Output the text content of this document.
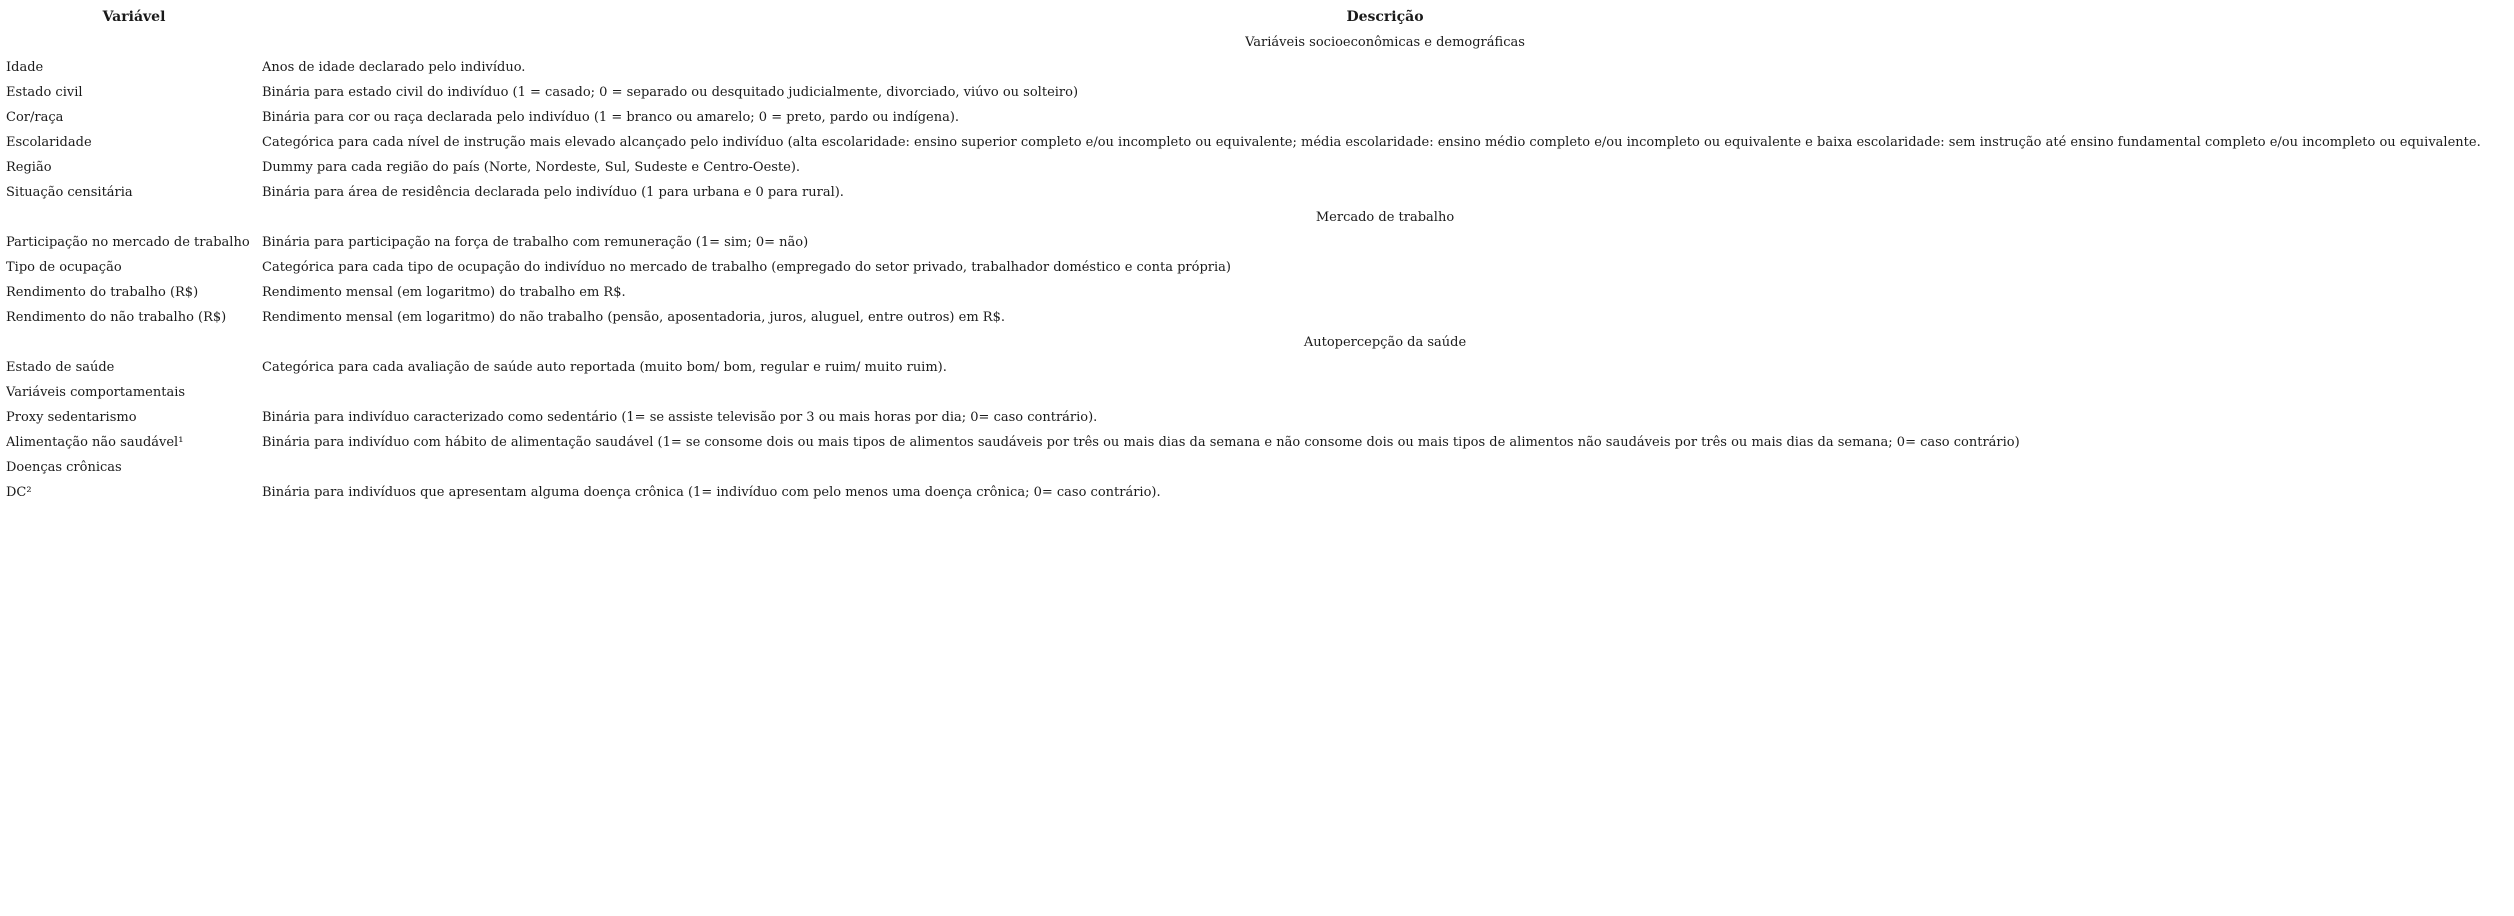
Variável	Descrição
	Variáveis socioeconômicas e demográficas
Idade	Anos de idade declarado pelo indivíduo.
Estado civil	Binária para estado civil do indivíduo (1 = casado; 0 = separado ou desquitado judicialmente, divorciado, viúvo ou solteiro)
Cor/raça	Binária para cor ou raça declarada pelo indivíduo (1 = branco ou amarelo; 0 = preto, pardo ou indígena).
Escolaridade	Categórica para cada nível de instrução mais elevado alcançado pelo indivíduo (alta escolaridade: ensino superior completo e/ou incompleto ou equivalente; média escolaridade: ensino médio completo e/ou incompleto ou equivalente e baixa escolaridade: sem instrução até ensino fundamental completo e/ou incompleto ou equivalente.
Região	Dummy para cada região do país (Norte, Nordeste, Sul, Sudeste e Centro-Oeste).
Situação censitária	Binária para área de residência declarada pelo indivíduo (1 para urbana e 0 para rural).
	Mercado de trabalho
Participação no mercado de trabalho	Binária para participação na força de trabalho com remuneração (1= sim; 0= não)
Tipo de ocupação	Categórica para cada tipo de ocupação do indivíduo no mercado de trabalho (empregado do setor privado, trabalhador doméstico e conta própria)
Rendimento do trabalho (R$)	Rendimento mensal (em logaritmo) do trabalho em R$.
Rendimento do não trabalho (R$)	Rendimento mensal (em logaritmo) do não trabalho (pensão, aposentadoria, juros, aluguel, entre outros) em R$.
	Autopercepção da saúde
Estado de saúde	Categórica para cada avaliação de saúde auto reportada (muito bom/ bom, regular e ruim/ muito ruim).
Variáveis comportamentais	
Proxy sedentarismo	Binária para indivíduo caracterizado como sedentário (1= se assiste televisão por 3 ou mais horas por dia; 0= caso contrário).
Alimentação não saudável¹	Binária para indivíduo com hábito de alimentação saudável (1= se consome dois ou mais tipos de alimentos saudáveis por três ou mais dias da semana e não consome dois ou mais tipos de alimentos não saudáveis por três ou mais dias da semana; 0= caso contrário)
Doenças crônicas	
DC²	Binária para indivíduos que apresentam alguma doença crônica (1= indivíduo com pelo menos uma doença crônica; 0= caso contrário).
